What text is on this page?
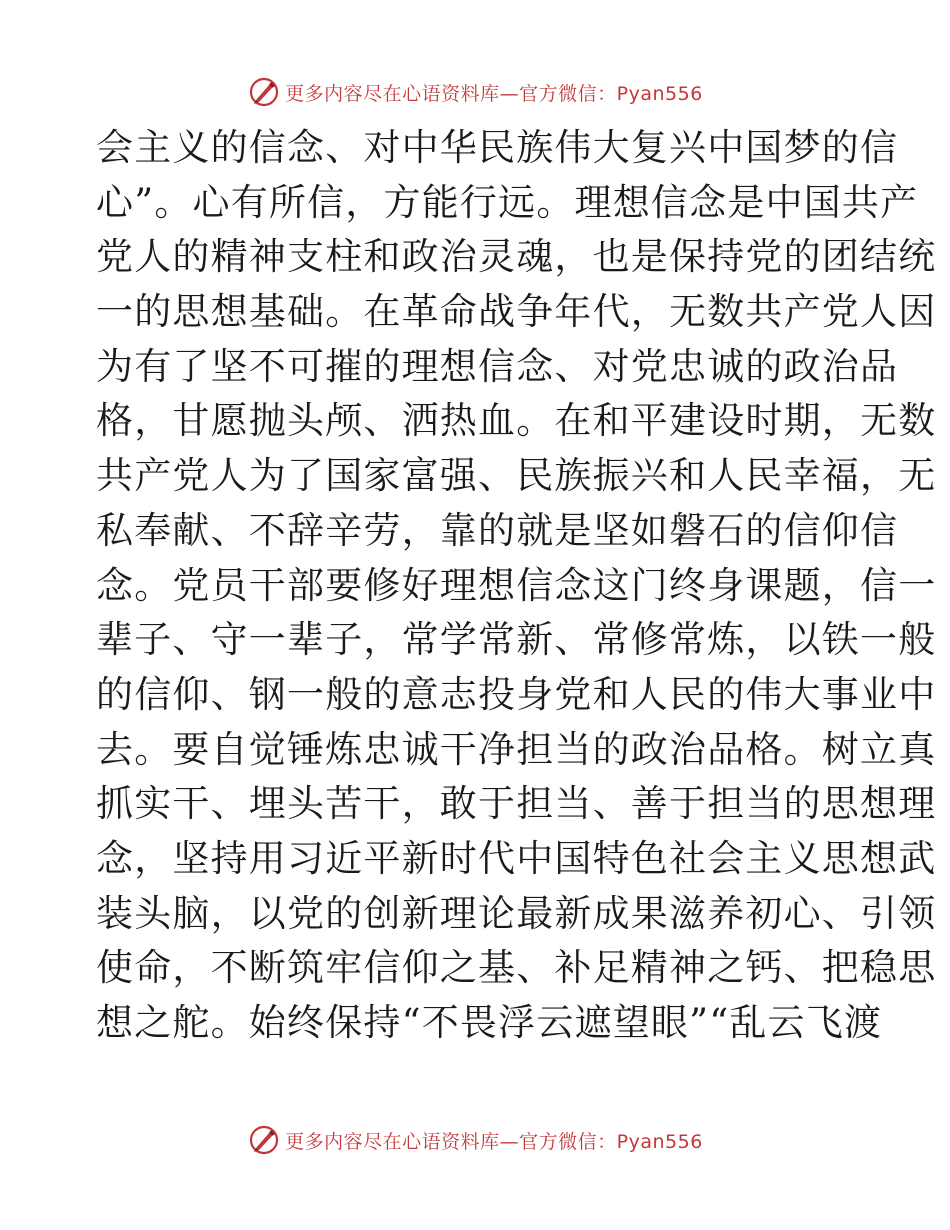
更多内容尽在心语资料库—官方微信：Pyan556
会主义的信念、对中华民族伟大复兴中国梦的信
心”。心有所信，方能行远。理想信念是中国共产
党人的精神支柱和政治灵魂，也是保持党的团结统
一的思想基础。在革命战争年代，无数共产党人因
为有了坚不可摧的理想信念、对党忠诚的政治品
格，甘愿抛头颅、洒热血。在和平建设时期，无数
共产党人为了国家富强、民族振兴和人民幸福，无
私奉献、不辞辛劳，靠的就是坚如磐石的信仰信
念。党员干部要修好理想信念这门终身课题，信一
辈子、守一辈子，常学常新、常修常炼，以铁一般
的信仰、钢一般的意志投身党和人民的伟大事业中
去。要自觉锤炼忠诚干净担当的政治品格。树立真
抓实干、埋头苦干，敢于担当、善于担当的思想理
念，坚持用习近平新时代中国特色社会主义思想武
装头脑，以党的创新理论最新成果滋养初心、引领
使命，不断筑牢信仰之基、补足精神之钙、把稳思
想之舵。始终保持“不畏浮云遮望眼”“乱云飞渡
更多内容尽在心语资料库—官方微信：Pyan556
